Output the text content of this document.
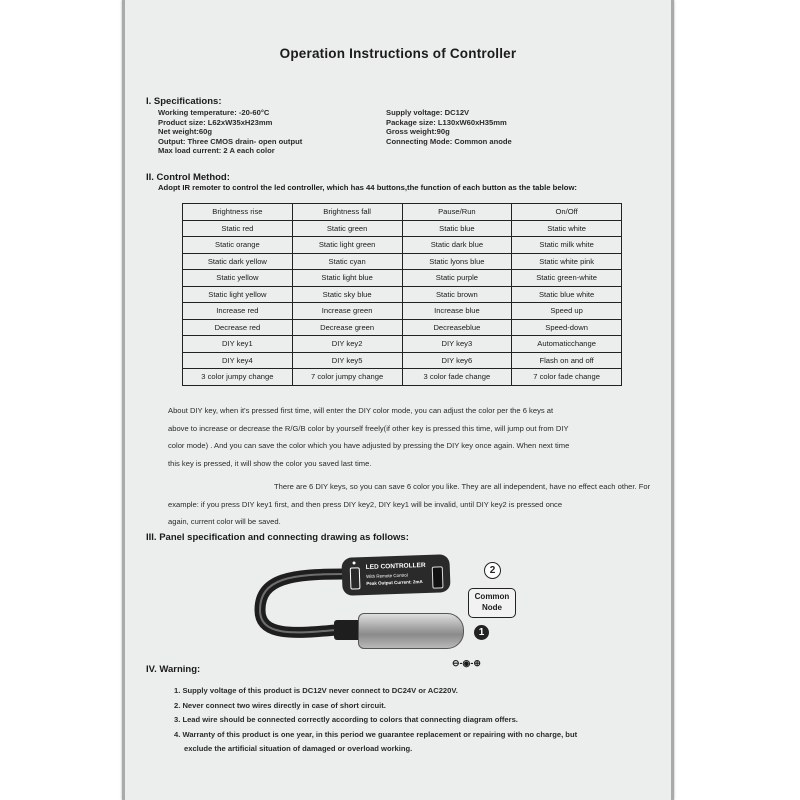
Operation Instructions of Controller
I. Specifications:
Working temperature: -20-60°C
Product size: L62xW35xH23mm
Net weight:60g
Output: Three CMOS drain- open output
Max load current: 2 A each color
Supply voltage: DC12V
Package size: L130xW60xH35mm
Gross weight:90g
Connecting Mode: Common anode
II. Control Method:
Adopt IR remoter to control the led controller, which has 44 buttons,the function of each button as the table below:
Brightness rise	Brightness fall	Pause/Run	On/Off
Static red	Static green	Static blue	Static white
Static orange	Static light green	Static dark blue	Static milk white
Static dark yellow	Static cyan	Static lyons blue	Static white pink
Static yellow	Static light blue	Static purple	Static green-white
Static light yellow	Static sky blue	Static brown	Static blue white
Increase red	Increase green	Increase blue	Speed up
Decrease red	Decrease green	Decreaseblue	Speed-down
DIY key1	DIY key2	DIY key3	Automaticchange
DIY key4	DIY key5	DIY key6	Flash on and off
3 color jumpy change	7 color jumpy change	3 color fade change	7 color fade change

About DIY key, when it's pressed first time, will enter the DIY color mode, you can adjust the color per the 6 keys at

above to increase or decrease the R/G/B color by yourself freely(if other key is pressed this time, will jump out from DIY

color mode) . And you can save the color which you have adjusted by pressing the DIY key once again. When next time

this key is pressed, it will show the color you saved last time.

There are 6 DIY keys, so you can save 6 color you like. They are all independent, have no effect each other. For

example: if you press DIY key1 first, and then press DIY key2, DIY key1 will be invalid, until DIY key2 is pressed once

again, current color will be saved.

III. Panel specification and connecting drawing as follows:
LED CONTROLLER
With Remote Control
Peak Output Current: 2mA
2
Common Node
1
⊖-◉-⊕
IV. Warning:
1. Supply voltage of this product is DC12V never connect to DC24V or AC220V.
2. Never connect two wires directly in case of short circuit.
3. Lead wire should be connected correctly according to colors that connecting diagram offers.
4. Warranty of this product is one year, in this period we guarantee replacement or repairing with no charge, but
exclude the artificial situation of damaged or overload working.
